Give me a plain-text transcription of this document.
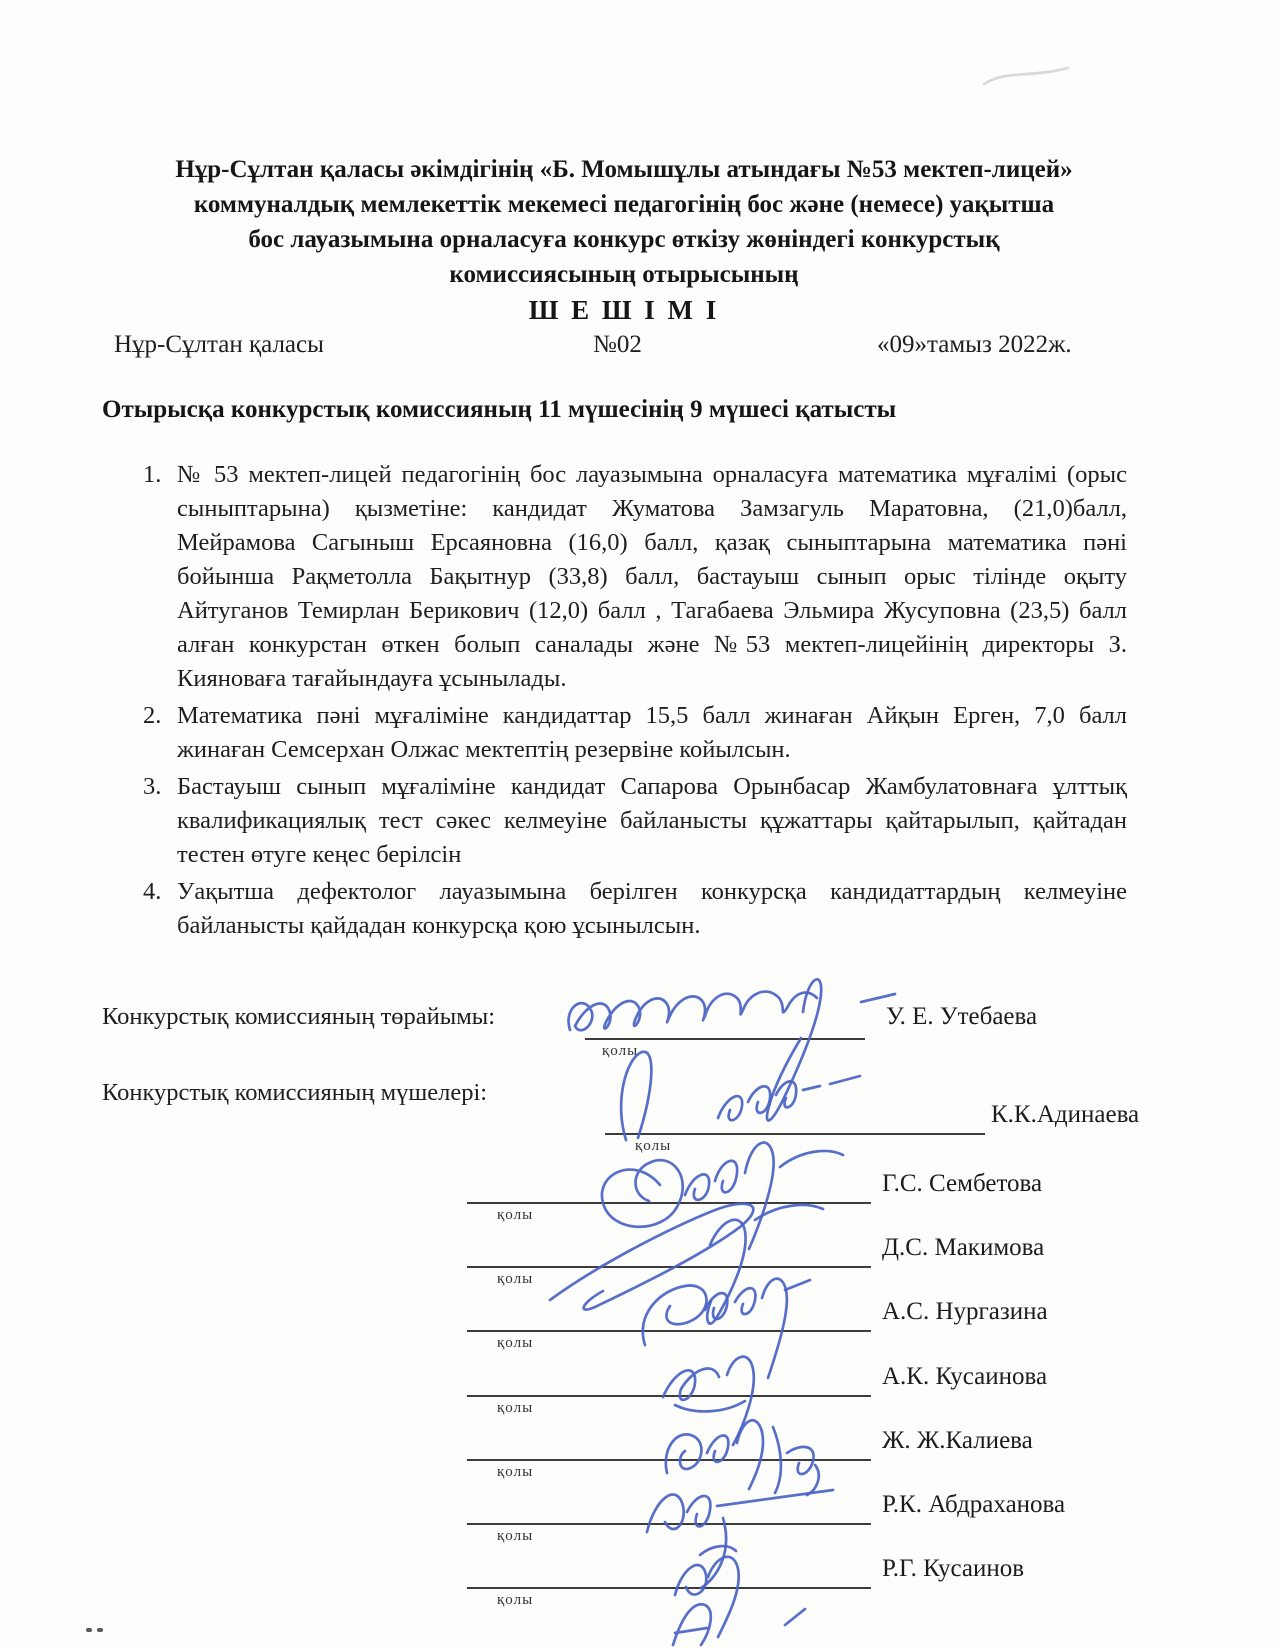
Нұр-Сұлтан қаласы әкімдігінің «Б. Момышұлы атындағы №53 мектеп-лицей»
коммуналдық мемлекеттік мекемесі педагогінің бос және (немесе) уақытша
бос лауазымына орналасуға конкурс өткізу жөніндегі конкурстық
комиссиясының отырысының
Ш Е Ш І М І
Нұр-Сұлтан қаласы	№02	«09»тамыз 2022ж.
Отырысқа конкурстық комиссияның 11 мүшесінің 9 мүшесі қатысты
1. № 53 мектеп-лицей педагогінің бос лауазымына орналасуға математика мұғалімі (орыс сыныптарына) қызметіне: кандидат Жуматова Замзагуль Маратовна, (21,0)балл, Мейрамова Сагыныш Ерсаяновна (16,0) балл, қазақ сыныптарына математика пәні бойынша Рақметолла Бақытнур (33,8) балл, бастауыш сынып орыс тілінде оқыту Айтуганов Темирлан Берикович (12,0) балл , Тагабаева Эльмира Жусуповна (23,5) балл алған конкурстан өткен болып саналады және №53 мектеп-лицейінің директоры З. Кияноваға тағайындауға ұсынылады.
2. Математика пәні мұғаліміне кандидаттар 15,5 балл жинаған Айқын Ерген, 7,0 балл жинаған Семсерхан Олжас мектептің резервіне койылсын.
3. Бастауыш сынып мұғаліміне кандидат Сапарова Орынбасар Жамбулатовнаға ұлттық квалификациялық тест сәкес келмеуіне байланысты құжаттары қайтарылып, қайтадан тестен өтуге кеңес берілсін
4. Уақытша дефектолог лауазымына берілген конкурсқа кандидаттардың келмеуіне байланысты қайдадан конкурсқа қою ұсынылсын.
Конкурстық комиссияның төрайымы:
қолы
У. Е. Утебаева
Конкурстық комиссияның мүшелері:
қолы
К.К.Адинаева
қолы
Г.С. Сембетова
қолы
Д.С. Макимова
қолы
А.С. Нургазина
қолы
А.К. Кусаинова
қолы
Ж. Ж.Калиева
қолы
Р.К. Абдраханова
қолы
Р.Г. Кусаинов
